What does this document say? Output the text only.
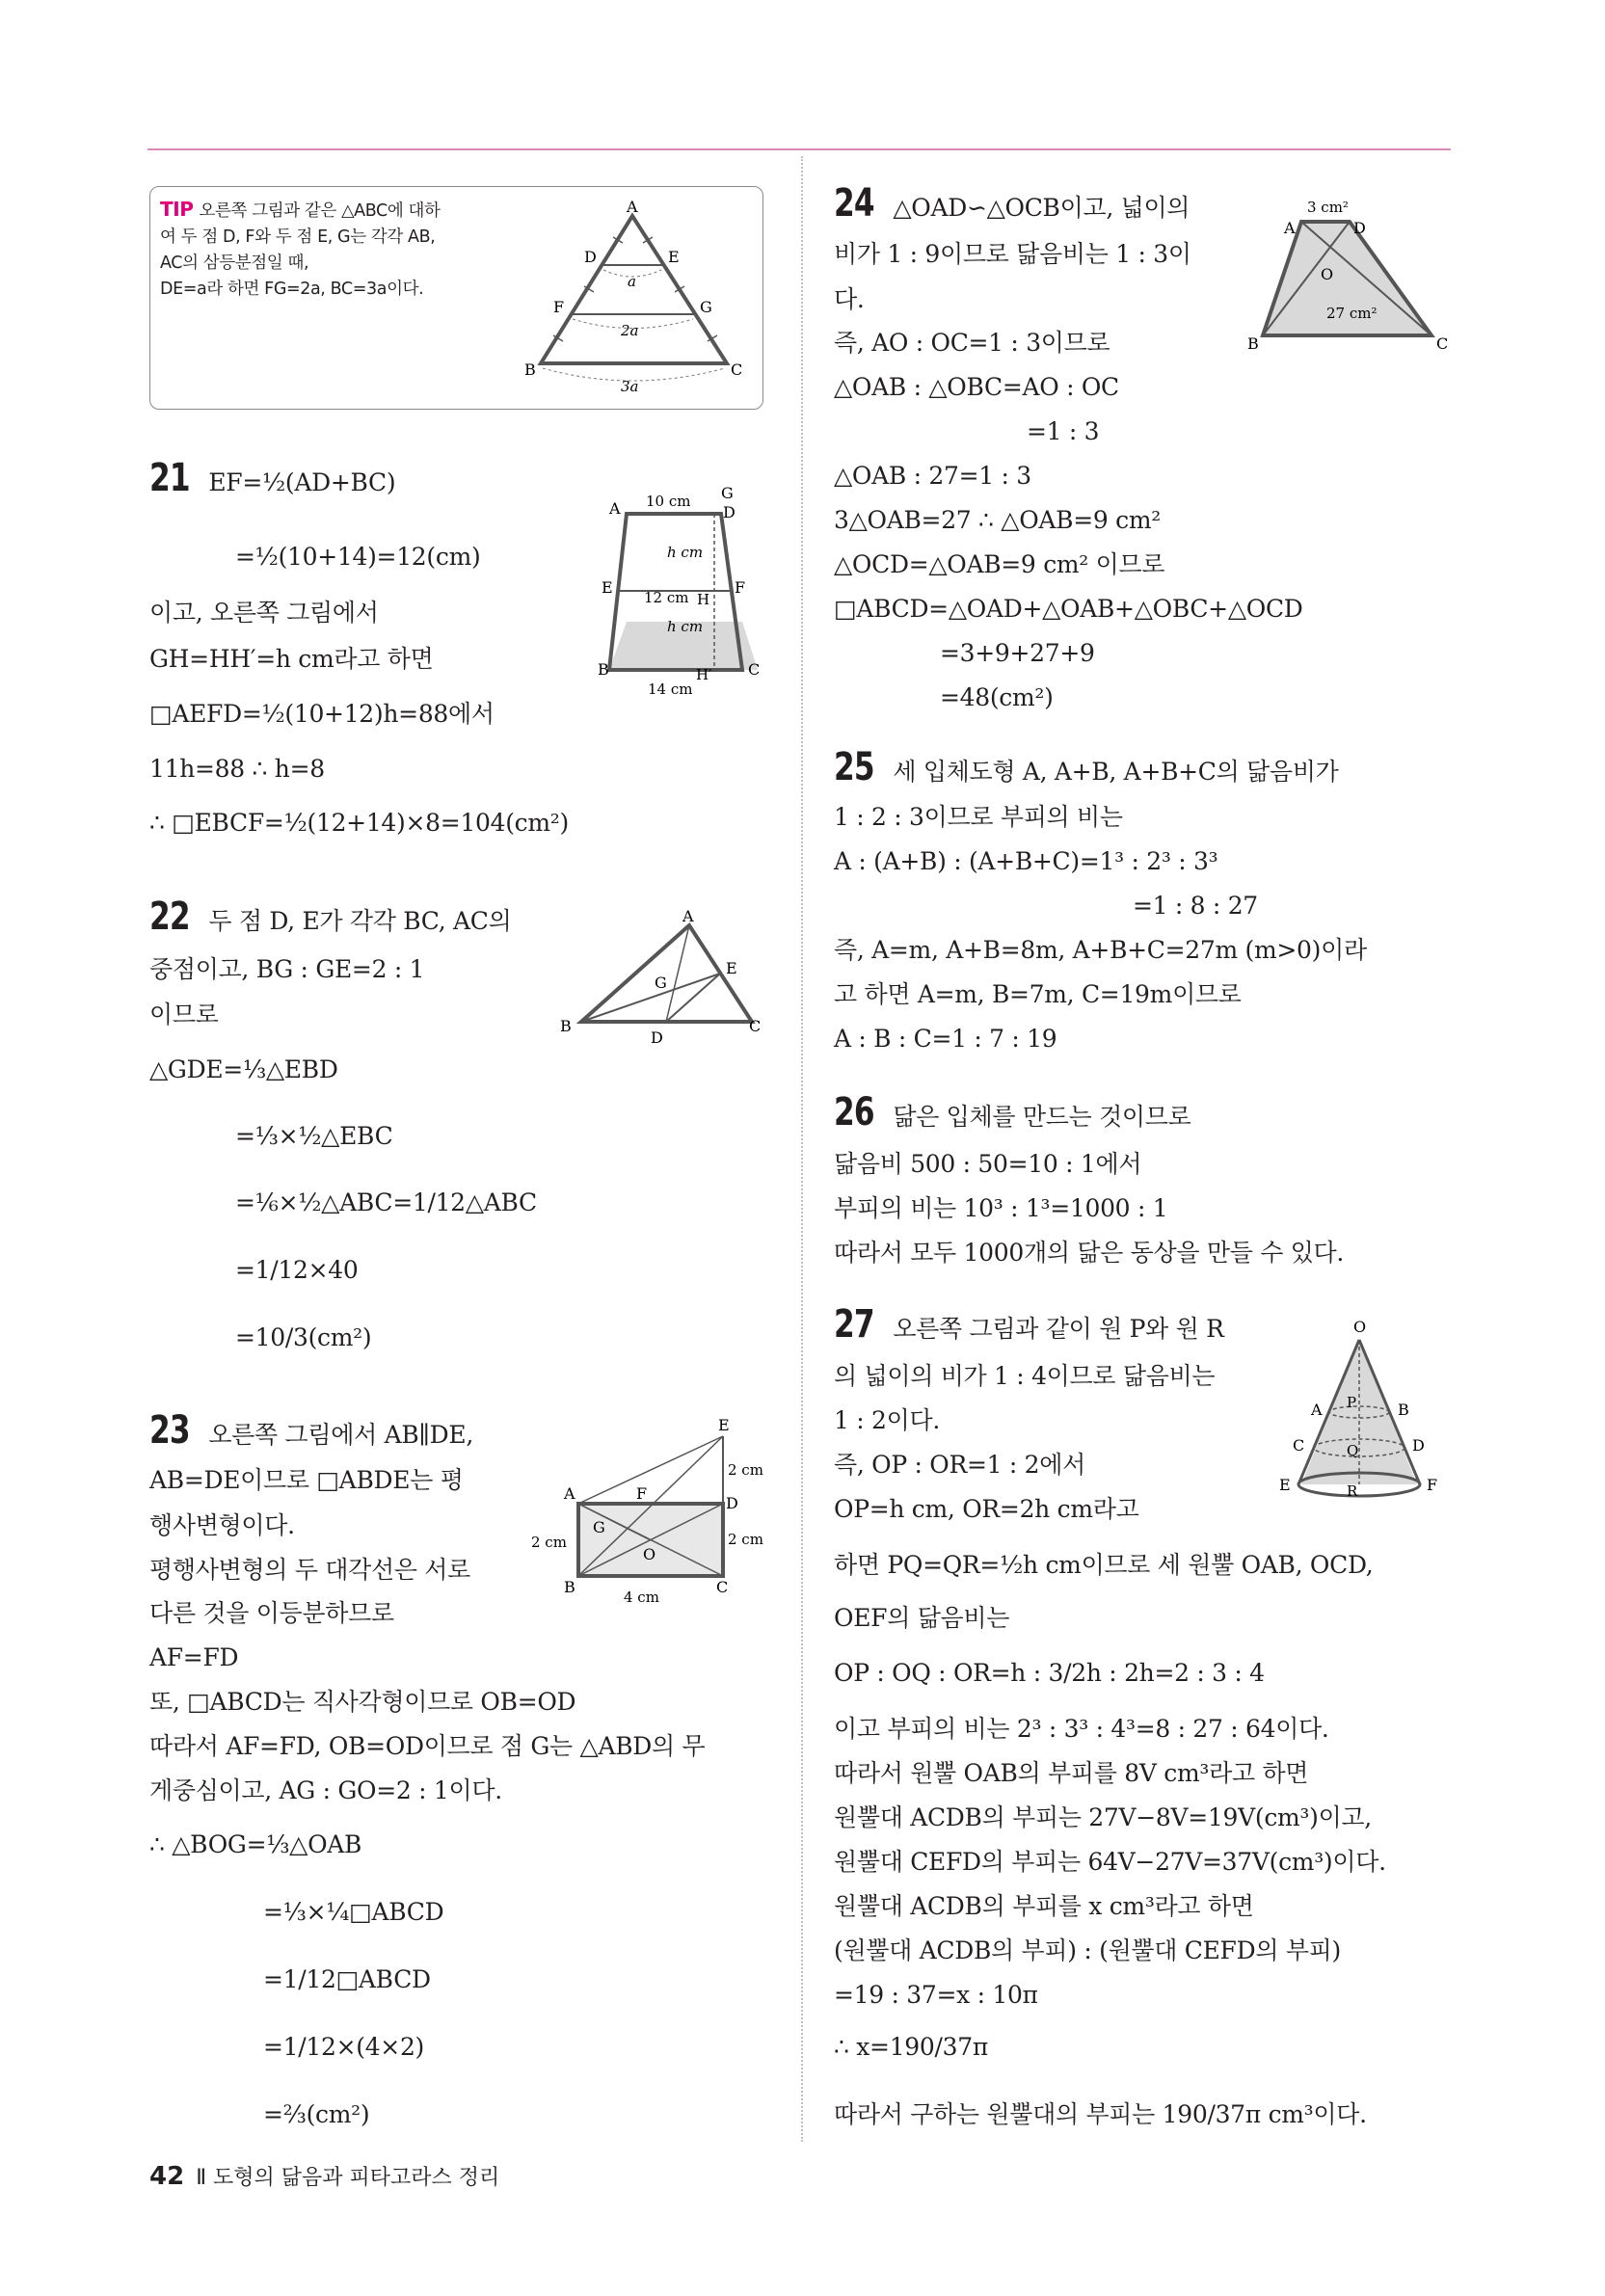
TIP 오른쪽 그림과 같은 △ABC에 대하
여 두 점 D, F와 두 점 E, G는 각각 AB,
AC의 삼등분점일 때,
DE=a라 하면 FG=2a, BC=3a이다.
A
B	C
D	E
F	G
a
2a
3a
21 EF=½(AD+BC)
=½(10+14)=12(cm)
이고, 오른쪽 그림에서
GH=HH′=h cm라고 하면
□AEFD=½(10+12)h=88에서
11h=88 ∴ h=8
∴ □EBCF=½(12+14)×8=104(cm²)
A	D
G
E	F
B	C
H
H′
10 cm
12 cm
14 cm
h cm
h cm
22 두 점 D, E가 각각 BC, AC의
중점이고, BG : GE=2 : 1
이므로
△GDE=⅓△EBD
=⅓×½△EBC
=⅙×½△ABC=1/12△ABC
=1/12×40
=10/3(cm²)
A
B	C
D
E
G
23 오른쪽 그림에서 AB∥DE,
AB=DE이므로 □ABDE는 평
행사변형이다.
평행사변형의 두 대각선은 서로
다른 것을 이등분하므로
AF=FD
또, □ABCD는 직사각형이므로 OB=OD
따라서 AF=FD, OB=OD이므로 점 G는 △ABD의 무
게중심이고, AG : GO=2 : 1이다.
∴ △BOG=⅓△OAB
=⅓×¼□ABCD
=1/12□ABCD
=1/12×(4×2)
=⅔(cm²)
A
B	C
D
E
F
G
O
4 cm
2 cm
2 cm
2 cm
24 △OAD∽△OCB이고, 넓이의
비가 1 : 9이므로 닮음비는 1 : 3이
다.
즉, AO : OC=1 : 3이므로
△OAB : △OBC=AO : OC
=1 : 3
△OAB : 27=1 : 3
3△OAB=27 ∴ △OAB=9 cm²
△OCD=△OAB=9 cm² 이므로
□ABCD=△OAD+△OAB+△OBC+△OCD
=3+9+27+9
=48(cm²)
A	D
B	C
O
3 cm²
27 cm²
25 세 입체도형 A, A+B, A+B+C의 닮음비가
1 : 2 : 3이므로 부피의 비는
A : (A+B) : (A+B+C)=1³ : 2³ : 3³
=1 : 8 : 27
즉, A=m, A+B=8m, A+B+C=27m (m>0)이라
고 하면 A=m, B=7m, C=19m이므로
A : B : C=1 : 7 : 19
26 닮은 입체를 만드는 것이므로
닮음비 500 : 50=10 : 1에서
부피의 비는 10³ : 1³=1000 : 1
따라서 모두 1000개의 닮은 동상을 만들 수 있다.
27 오른쪽 그림과 같이 원 P와 원 R
의 넓이의 비가 1 : 4이므로 닮음비는
1 : 2이다.
즉, OP : OR=1 : 2에서
OP=h cm, OR=2h cm라고
하면 PQ=QR=½h cm이므로 세 원뿔 OAB, OCD,
OEF의 닮음비는
OP : OQ : OR=h : 3/2h : 2h=2 : 3 : 4
이고 부피의 비는 2³ : 3³ : 4³=8 : 27 : 64이다.
따라서 원뿔 OAB의 부피를 8V cm³라고 하면
원뿔대 ACDB의 부피는 27V−8V=19V(cm³)이고,
원뿔대 CEFD의 부피는 64V−27V=37V(cm³)이다.
원뿔대 ACDB의 부피를 x cm³라고 하면
(원뿔대 ACDB의 부피) : (원뿔대 CEFD의 부피)
=19 : 37=x : 10π
∴ x=190/37π
따라서 구하는 원뿔대의 부피는 190/37π cm³이다.
O
A	B
C	D
E	F
P
Q
R
42 Ⅱ 도형의 닮음과 피타고라스 정리
